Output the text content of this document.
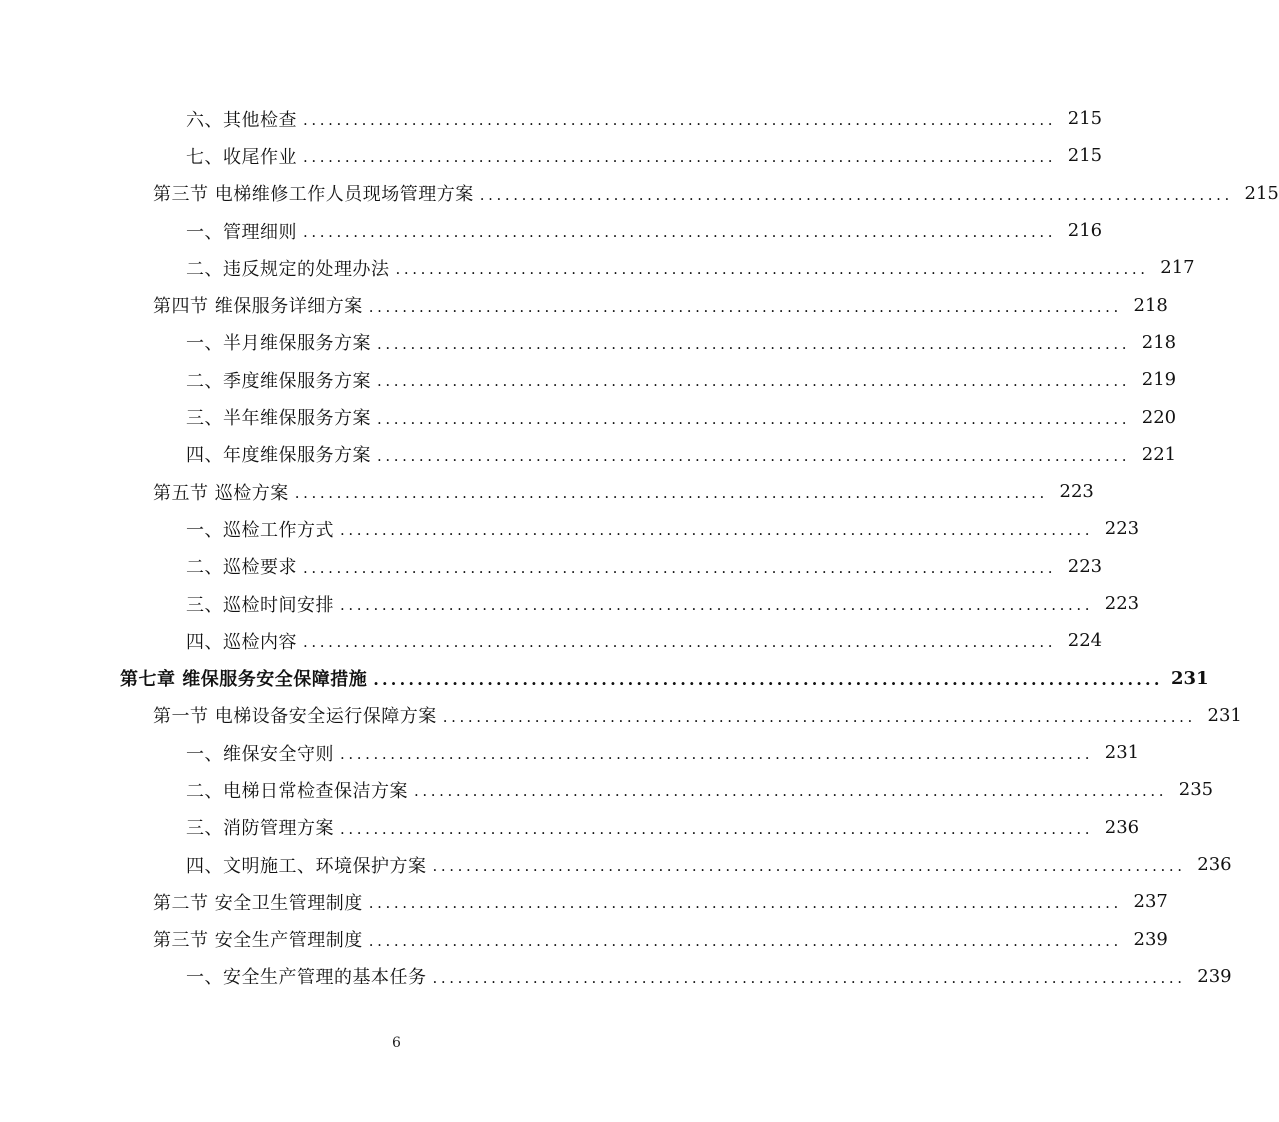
六、其他检查 .......................................................................................... 215
七、收尾作业 .......................................................................................... 215
第三节 电梯维修工作人员现场管理方案 .......................................................................................... 215
一、管理细则 .......................................................................................... 216
二、违反规定的处理办法 .......................................................................................... 217
第四节 维保服务详细方案 .......................................................................................... 218
一、半月维保服务方案 .......................................................................................... 218
二、季度维保服务方案 .......................................................................................... 219
三、半年维保服务方案 .......................................................................................... 220
四、年度维保服务方案 .......................................................................................... 221
第五节 巡检方案 .......................................................................................... 223
一、巡检工作方式 .......................................................................................... 223
二、巡检要求 .......................................................................................... 223
三、巡检时间安排 .......................................................................................... 223
四、巡检内容 .......................................................................................... 224
第七章 维保服务安全保障措施 .......................................................................................... 231
第一节 电梯设备安全运行保障方案 .......................................................................................... 231
一、维保安全守则 .......................................................................................... 231
二、电梯日常检查保洁方案 .......................................................................................... 235
三、消防管理方案 .......................................................................................... 236
四、文明施工、环境保护方案 .......................................................................................... 236
第二节 安全卫生管理制度 .......................................................................................... 237
第三节 安全生产管理制度 .......................................................................................... 239
一、安全生产管理的基本任务 .......................................................................................... 239
6
